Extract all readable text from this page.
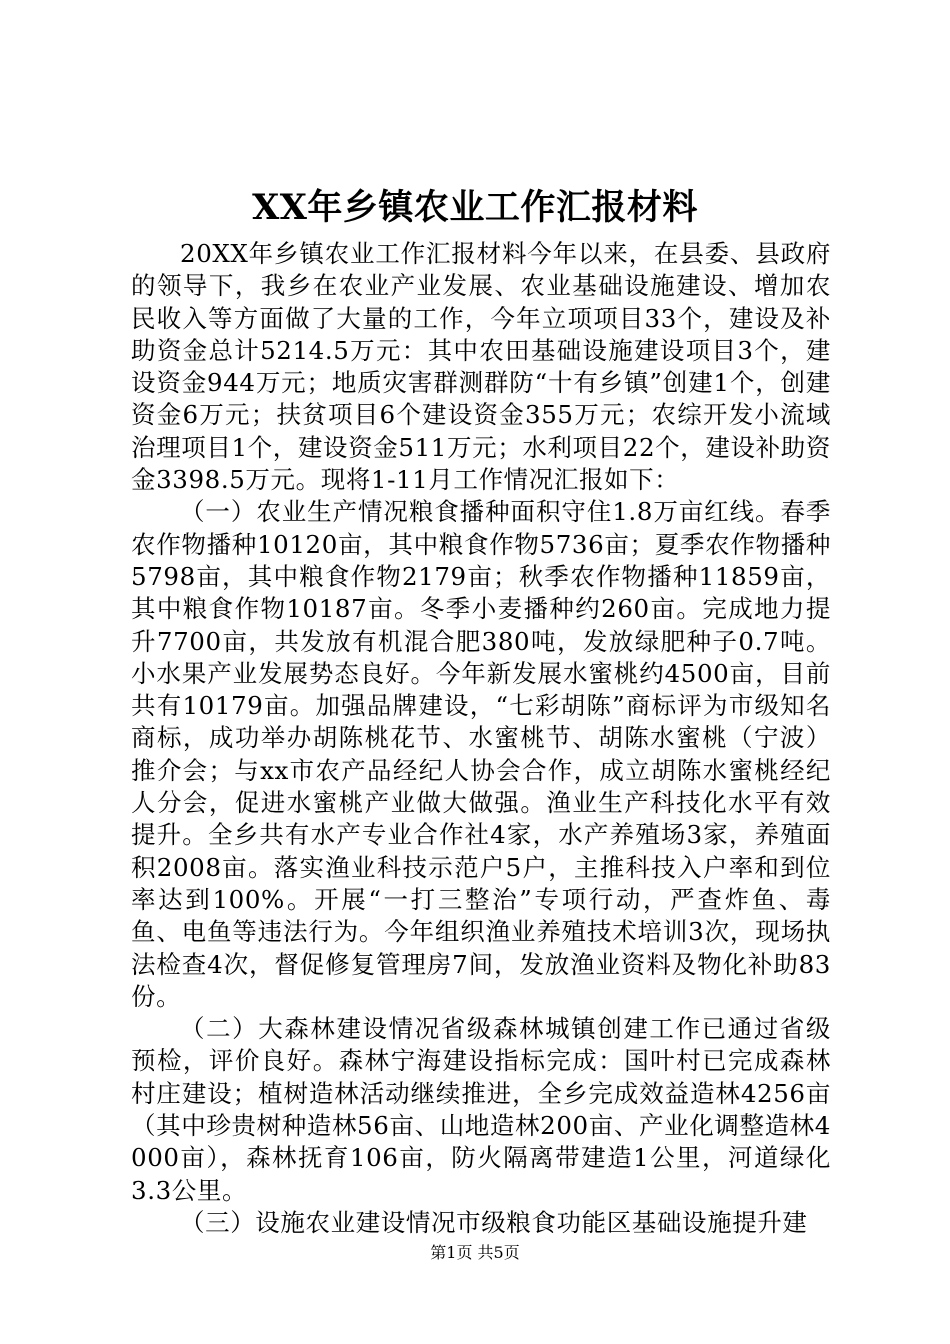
XX年乡镇农业工作汇报材料

20XX年乡镇农业工作汇报材料今年以来，在县委、县政府的领导下，我乡在农业产业发展、农业基础设施建设、增加农民收入等方面做了大量的工作，今年立项项目33个，建设及补助资金总计5214.5万元：其中农田基础设施建设项目3个，建设资金944万元；地质灾害群测群防“十有乡镇”创建1个，创建资金6万元；扶贫项目6个建设资金355万元；农综开发小流域治理项目1个，建设资金511万元；水利项目22个，建设补助资金3398.5万元。现将1-11月工作情况汇报如下：

（一）农业生产情况粮食播种面积守住1.8万亩红线。春季农作物播种10120亩，其中粮食作物5736亩；夏季农作物播种5798亩，其中粮食作物2179亩；秋季农作物播种11859亩，其中粮食作物10187亩。冬季小麦播种约260亩。完成地力提升7700亩，共发放有机混合肥380吨，发放绿肥种子0.7吨。小水果产业发展势态良好。今年新发展水蜜桃约4500亩，目前共有10179亩。加强品牌建设，“七彩胡陈”商标评为市级知名商标，成功举办胡陈桃花节、水蜜桃节、胡陈水蜜桃（宁波）推介会；与xx市农产品经纪人协会合作，成立胡陈水蜜桃经纪人分会，促进水蜜桃产业做大做强。渔业生产科技化水平有效提升。全乡共有水产专业合作社4家，水产养殖场3家，养殖面积2008亩。落实渔业科技示范户5户，主推科技入户率和到位率达到100%。开展“一打三整治”专项行动，严查炸鱼、毒鱼、电鱼等违法行为。今年组织渔业养殖技术培训3次，现场执法检查4次，督促修复管理房7间，发放渔业资料及物化补助83份。

（二）大森林建设情况省级森林城镇创建工作已通过省级预检，评价良好。森林宁海建设指标完成：国叶村已完成森林村庄建设；植树造林活动继续推进，全乡完成效益造林4256亩（其中珍贵树种造林56亩、山地造林200亩、产业化调整造林4000亩），森林抚育106亩，防火隔离带建造1公里，河道绿化3.3公里。

（三）设施农业建设情况市级粮食功能区基础设施提升建

第1页 共5页
